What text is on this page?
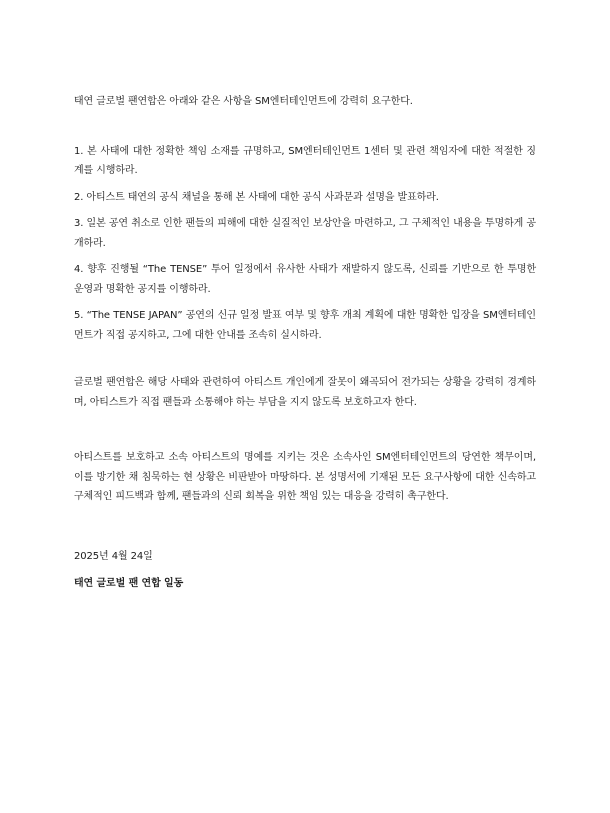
태연 글로벌 팬연합은 아래와 같은 사항을 SM엔터테인먼트에 강력히 요구한다.

1. 본 사태에 대한 정확한 책임 소재를 규명하고, SM엔터테인먼트 1센터 및 관련 책임자에 대한 적절한 징계를 시행하라.
2. 아티스트 태연의 공식 채널을 통해 본 사태에 대한 공식 사과문과 설명을 발표하라.
3. 일본 공연 취소로 인한 팬들의 피해에 대한 실질적인 보상안을 마련하고, 그 구체적인 내용을 투명하게 공개하라.
4. 향후 진행될 “The TENSE” 투어 일정에서 유사한 사태가 재발하지 않도록, 신뢰를 기반으로 한 투명한 운영과 명확한 공지를 이행하라.
5. “The TENSE JAPAN” 공연의 신규 일정 발표 여부 및 향후 개최 계획에 대한 명확한 입장을 SM엔터테인먼트가 직접 공지하고, 그에 대한 안내를 조속히 실시하라.

글로벌 팬연합은 해당 사태와 관련하여 아티스트 개인에게 잘못이 왜곡되어 전가되는 상황을 강력히 경계하며, 아티스트가 직접 팬들과 소통해야 하는 부담을 지지 않도록 보호하고자 한다.

아티스트를 보호하고 소속 아티스트의 명예를 지키는 것은 소속사인 SM엔터테인먼트의 당연한 책무이며, 이를 방기한 채 침묵하는 현 상황은 비판받아 마땅하다. 본 성명서에 기재된 모든 요구사항에 대한 신속하고 구체적인 피드백과 함께, 팬들과의 신뢰 회복을 위한 책임 있는 대응을 강력히 촉구한다.

2025년 4월 24일

태연 글로벌 팬 연합 일동
